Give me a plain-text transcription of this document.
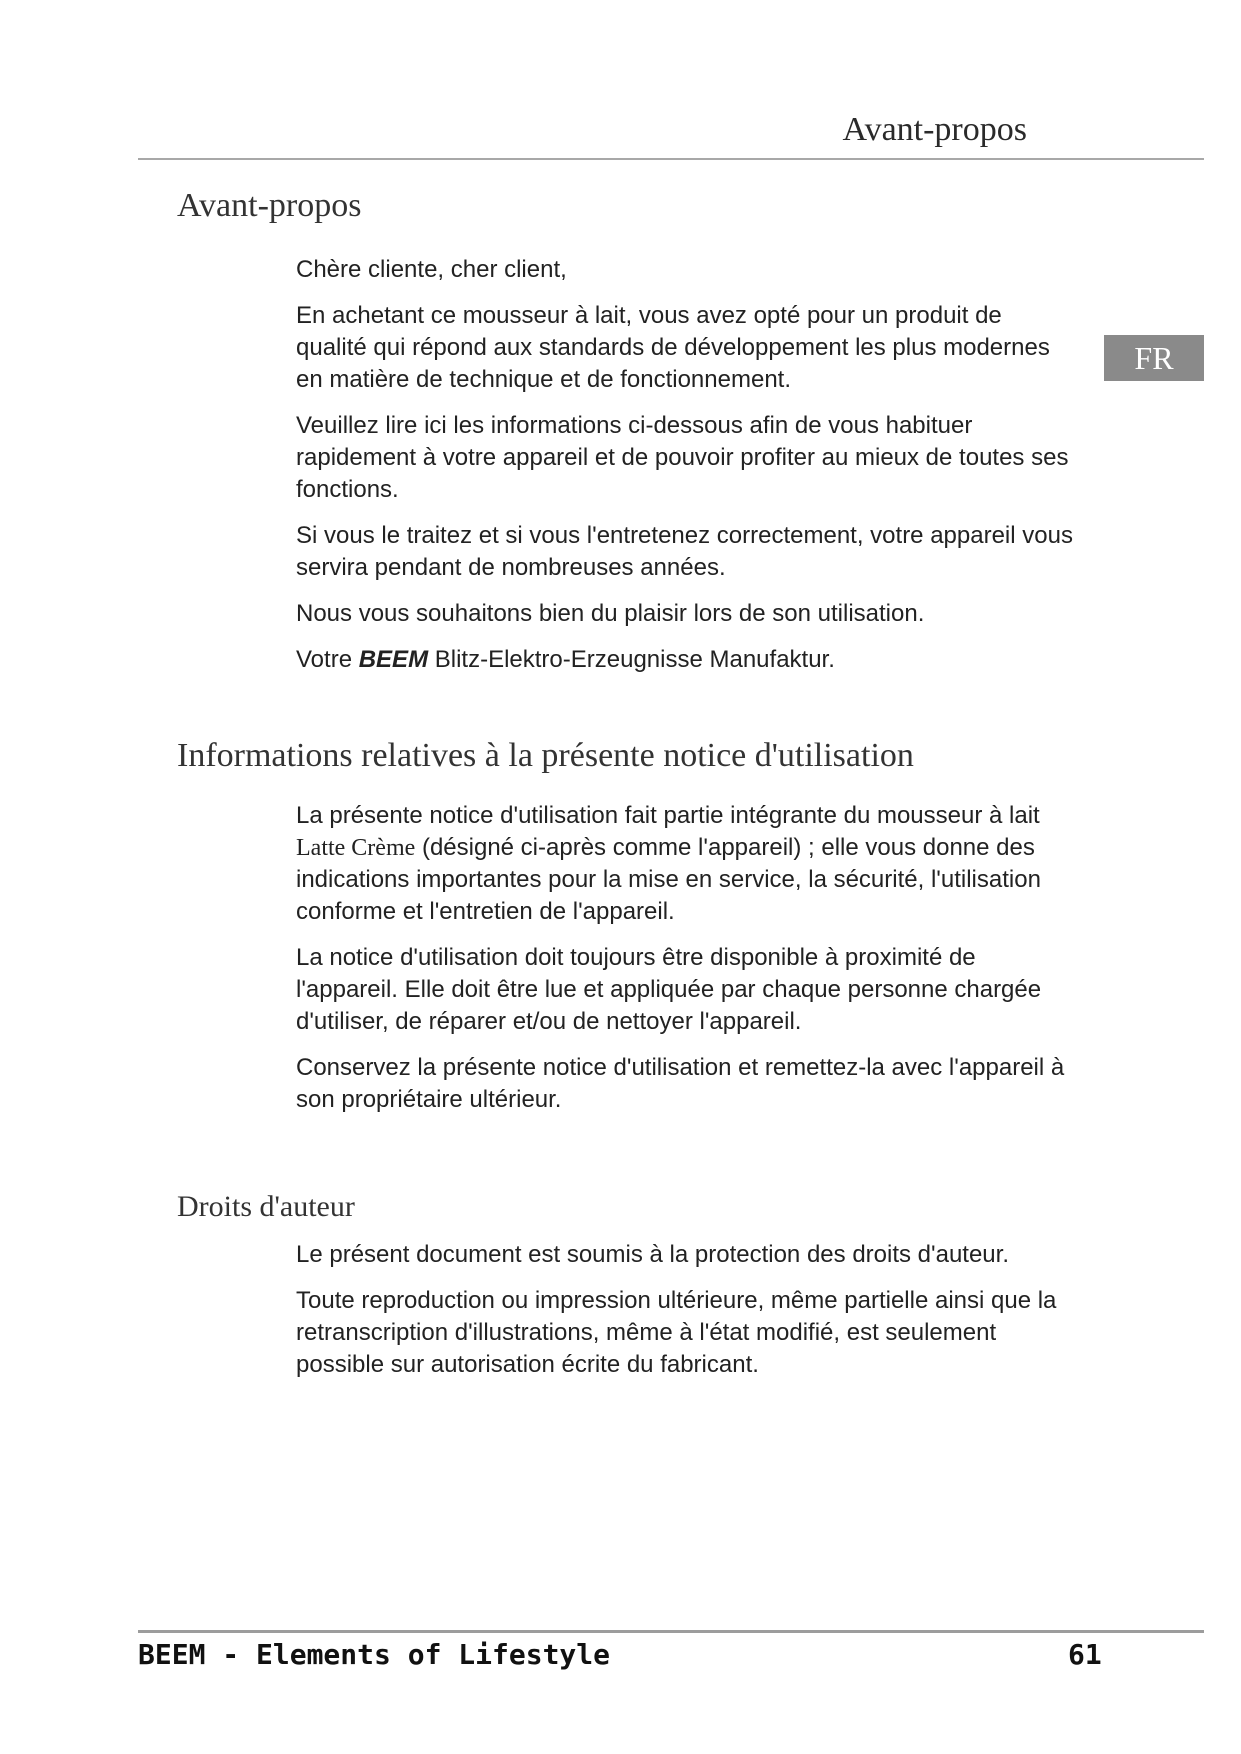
Avant-propos
FR
Avant-propos

Chère cliente, cher client,

En achetant ce mousseur à lait, vous avez opté pour un produit de qualité qui répond aux standards de développement les plus modernes en matière de technique et de fonctionnement.

Veuillez lire ici les informations ci-dessous afin de vous habituer rapidement à votre appareil et de pouvoir profiter au mieux de toutes ses fonctions.

Si vous le traitez et si vous l'entretenez correctement, votre appareil vous servira pendant de nombreuses années.

Nous vous souhaitons bien du plaisir lors de son utilisation.

Votre BEEM Blitz-Elektro-Erzeugnisse Manufaktur.

Informations relatives à la présente notice d'utilisation

La présente notice d'utilisation fait partie intégrante du mousseur à lait Latte Crème (désigné ci-après comme l'appareil) ; elle vous donne des indications importantes pour la mise en service, la sécurité, l'utilisation conforme et l'entretien de l'appareil.

La notice d'utilisation doit toujours être disponible à proximité de l'appareil. Elle doit être lue et appliquée par chaque personne chargée d'utiliser, de réparer et/ou de nettoyer l'appareil.

Conservez la présente notice d'utilisation et remettez-la avec l'appareil à son propriétaire ultérieur.

Droits d'auteur

Le présent document est soumis à la protection des droits d'auteur.

Toute reproduction ou impression ultérieure, même partielle ainsi que la retranscription d'illustrations, même à l'état modifié, est seulement possible sur autorisation écrite du fabricant.

BEEM - Elements of Lifestyle	61
